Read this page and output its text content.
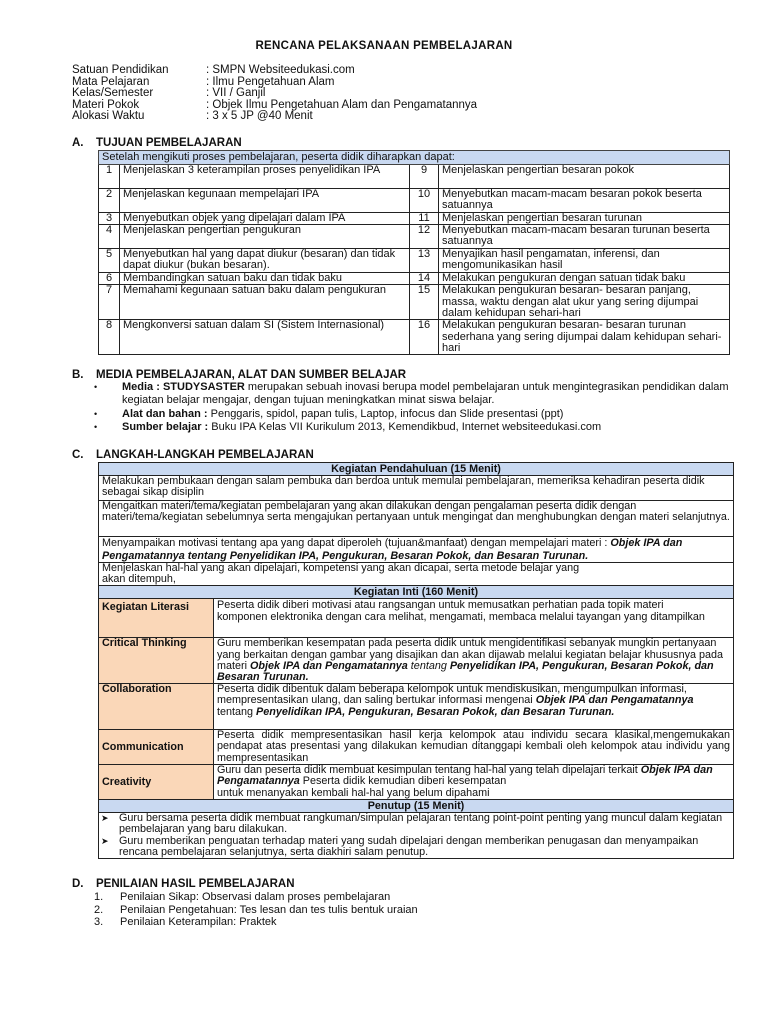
RENCANA PELAKSANAAN PEMBELAJARAN
Satuan Pendidikan	: SMPN Websiteedukasi.com
Mata Pelajaran	: Ilmu Pengetahuan Alam
Kelas/Semester	: VII / Ganjil
Materi Pokok	: Objek Ilmu Pengetahuan Alam dan Pengamatannya
Alokasi Waktu	: 3 x 5 JP @40 Menit
A. TUJUAN PEMBELAJARAN
Setelah mengikuti proses pembelajaran, peserta didik diharapkan dapat:			
1	Menjelaskan 3 keterampilan proses penyelidikan IPA	9	Menjelaskan pengertian besaran pokok
2	Menjelaskan kegunaan mempelajari IPA	10	Menyebutkan macam-macam besaran pokok beserta satuannya
3	Menyebutkan objek yang dipelajari dalam IPA	11	Menjelaskan pengertian besaran turunan
4	Menjelaskan pengertian pengukuran	12	Menyebutkan macam-macam besaran turunan beserta satuannya
5	Menyebutkan hal yang dapat diukur (besaran) dan tidak dapat diukur (bukan besaran).	13	Menyajikan hasil pengamatan, inferensi, dan mengomunikasikan hasil
6	Membandingkan satuan baku dan tidak baku	14	Melakukan pengukuran dengan satuan tidak baku
7	Memahami kegunaan satuan baku dalam pengukuran	15	Melakukan pengukuran besaran- besaran panjang, massa, waktu dengan alat ukur yang sering dijumpai dalam kehidupan sehari-hari
8	Mengkonversi satuan dalam SI (Sistem Internasional)	16	Melakukan pengukuran besaran- besaran turunan sederhana yang sering dijumpai dalam kehidupan sehari-hari
B. MEDIA PEMBELAJARAN, ALAT DAN SUMBER BELAJAR
•	Media : STUDYSASTER merupakan sebuah inovasi berupa model pembelajaran untuk mengintegrasikan pendidikan dalam kegiatan belajar mengajar, dengan tujuan meningkatkan minat siswa belajar.
•	Alat dan bahan : Penggaris, spidol, papan tulis, Laptop, infocus dan Slide presentasi (ppt)
•	Sumber belajar : Buku IPA Kelas VII Kurikulum 2013, Kemendikbud, Internet websiteedukasi.com
C. LANGKAH-LANGKAH PEMBELAJARAN
Kegiatan Pendahuluan (15 Menit)	
Melakukan pembukaan dengan salam pembuka dan berdoa untuk memulai pembelajaran, memeriksa kehadiran peserta didik sebagai sikap disiplin	
Mengaitkan materi/tema/kegiatan pembelajaran yang akan dilakukan dengan pengalaman peserta didik dengan materi/tema/kegiatan sebelumnya serta mengajukan pertanyaan untuk mengingat dan menghubungkan dengan materi selanjutnya.	

Menyampaikan motivasi tentang apa yang dapat diperoleh (tujuan&manfaat) dengan mempelajari materi : Objek IPA dan Pengamatannya tentang Penyelidikan IPA, Pengukuran, Besaran Pokok, dan Besaran Turunan.	

Menjelaskan hal-hal yang akan dipelajari, kompetensi yang akan dicapai, serta metode belajar yang akan ditempuh,	
Kegiatan Inti (160 Menit)	
Kegiatan Literasi	Peserta didik diberi motivasi atau rangsangan untuk memusatkan perhatian pada topik materi
komponen elektronika dengan cara melihat, mengamati, membaca melalui tayangan yang ditampilkan

Critical Thinking	Guru memberikan kesempatan pada peserta didik untuk mengidentifikasi sebanyak mungkin pertanyaan yang berkaitan dengan gambar yang disajikan dan akan dijawab melalui kegiatan belajar khususnya pada materi Objek IPA dan Pengamatannya tentang Penyelidikan IPA, Pengukuran, Besaran Pokok, dan Besaran Turunan.
Collaboration	Peserta didik dibentuk dalam beberapa kelompok untuk mendiskusikan, mengumpulkan informasi, mempresentasikan ulang, dan saling bertukar informasi mengenai Objek IPA dan Pengamatannya tentang Penyelidikan IPA, Pengukuran, Besaran Pokok, dan Besaran Turunan.
Communication	Peserta didik mempresentasikan hasil kerja kelompok atau individu secara klasikal,mengemukakan pendapat atas presentasi yang dilakukan kemudian ditanggapi kembali oleh kelompok atau individu yang mempresentasikan
Creativity	Guru dan peserta didik membuat kesimpulan tentang hal-hal yang telah dipelajari terkait Objek IPA dan Pengamatannya Peserta didik kemudian diberi kesempatan
untuk menanyakan kembali hal-hal yang belum dipahami
Penutup (15 Menit)	

➤ Guru bersama peserta didik membuat rangkuman/simpulan pelajaran tentang point-point penting yang muncul dalam kegiatan pembelajaran yang baru dilakukan.
➤ Guru memberikan penguatan terhadap materi yang sudah dipelajari dengan memberikan penugasan dan menyampaikan rencana pembelajaran selanjutnya, serta diakhiri salam penutup.	
D. PENILAIAN HASIL PEMBELAJARAN
1.	Penilaian Sikap: Observasi dalam proses pembelajaran
2.	Penilaian Pengetahuan: Tes lesan dan tes tulis bentuk uraian
3.	Penilaian Keterampilan: Praktek
